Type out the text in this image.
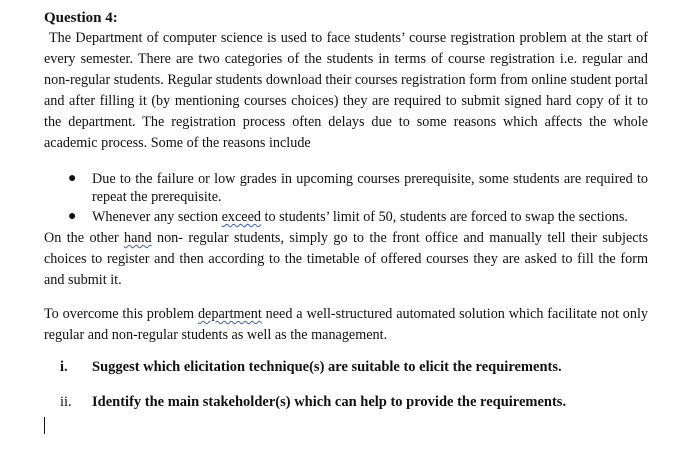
Question 4:

The Department of computer science is used to face students’ course registration problem at the start of every semester. There are two categories of the students in terms of course registration i.e. regular and non-regular students. Regular students download their courses registration form from online student portal and after filling it (by mentioning courses choices) they are required to submit signed hard copy of it to the department. The registration process often delays due to some reasons which affects the whole academic process. Some of the reasons include

● Due to the failure or low grades in upcoming courses prerequisite, some students are required to repeat the prerequisite.
● Whenever any section exceed to students’ limit of 50, students are forced to swap the sections.

On the other hand non- regular students, simply go to the front office and manually tell their subjects choices to register and then according to the timetable of offered courses they are asked to fill the form and submit it.

To overcome this problem department need a well-structured automated solution which facilitate not only regular and non-regular students as well as the management.

i.	Suggest which elicitation technique(s) are suitable to elicit the requirements.
ii.	Identify the main stakeholder(s) which can help to provide the requirements.
